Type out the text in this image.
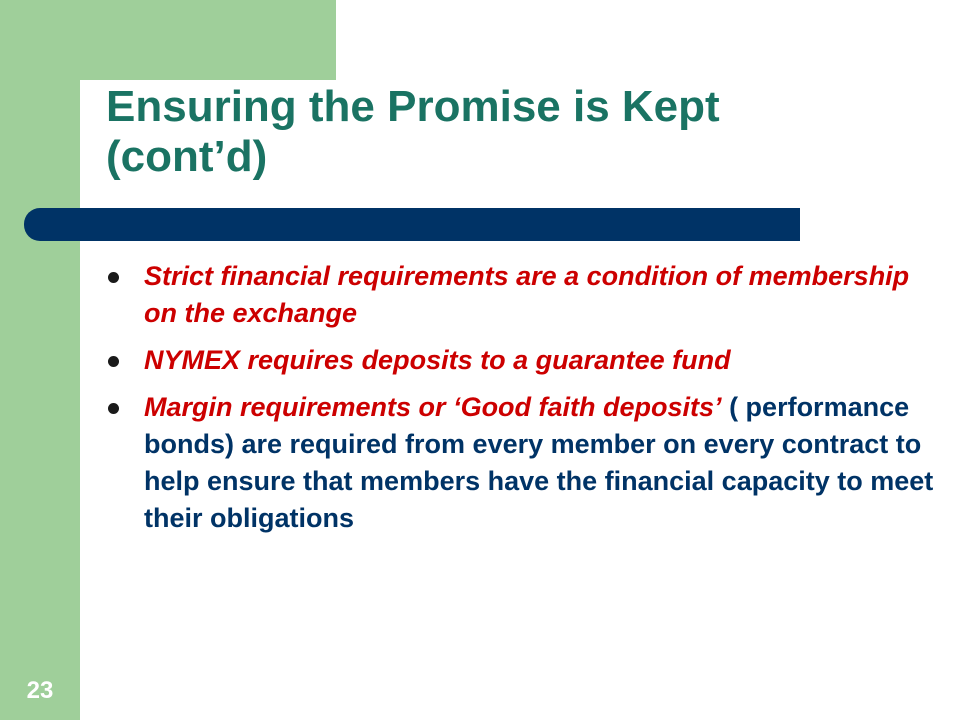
Ensuring the Promise is Kept
(cont’d)
Strict financial requirements are a condition of membership on the exchange
NYMEX requires deposits to a guarantee fund
Margin requirements or ‘Good faith deposits’ ( performance bonds) are required from every member on every contract to help ensure that members have the financial capacity to meet their obligations
23
